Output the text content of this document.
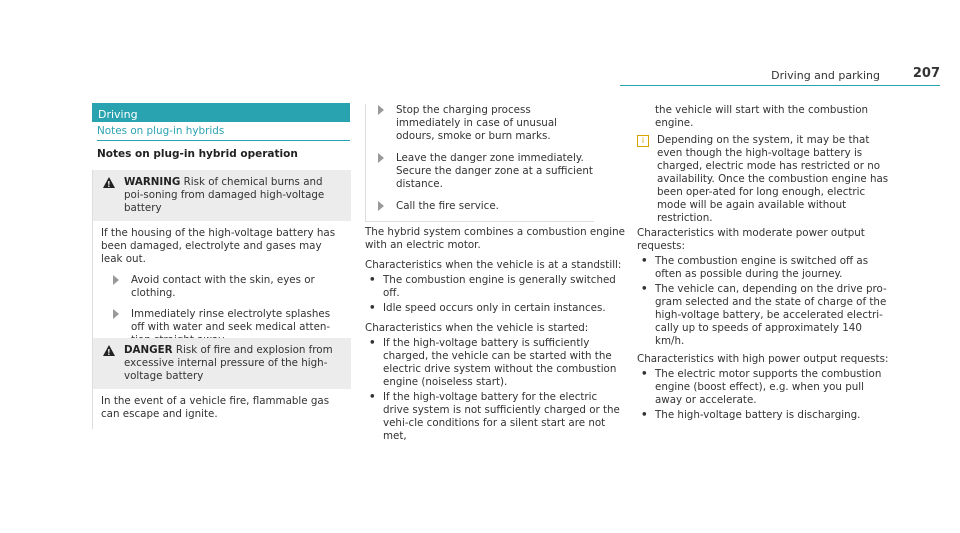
Driving and parking	207
Driving
Notes on plug-in hybrids
Notes on plug-in hybrid operation
!

WARNING Risk of chemical burns and poi-soning from damaged high-voltage battery

If the housing of the high-voltage battery has been damaged, electrolyte and gases may leak out.

Avoid contact with the skin, eyes or clothing.

Immediately rinse electrolyte splashes off with water and seek medical atten-

!

DANGER Risk of fire and explosion from excessive internal pressure of the high-voltage battery

In the event of a vehicle fire, flammable gas can escape and ignite.

Stop the charging process immediately in case of unusual odours, smoke or burn marks.

Leave the danger zone immediately. Secure the danger zone at a sufficient distance.

Call the fire service.

The hybrid system combines a combustion engine with an electric motor.

Characteristics when the vehicle is at a standstill:

• The combustion engine is generally switched off.

• Idle speed occurs only in certain instances.

Characteristics when the vehicle is started:

• If the high-voltage battery is sufficiently charged, the vehicle can be started with the electric drive system without the combustion engine (noiseless start).

• If the high-voltage battery for the electric drive system is not sufficiently charged or the vehi-cle conditions for a silent start are not met,

the vehicle will start with the combustion engine.

i	Depending on the system, it may be that even though the high-voltage battery is charged, electric mode has restricted or no availability. Once the combustion engine has been oper-ated for long enough, electric mode will be again available without restriction.

Characteristics with moderate power output requests:

• The combustion engine is switched off as often as possible during the journey.

• The vehicle can, depending on the drive pro-gram selected and the state of charge of the high-voltage battery, be accelerated electri-cally up to speeds of approximately 140 km/h.

Characteristics with high power output requests:

• The electric motor supports the combustion engine (boost effect), e.g. when you pull away or accelerate.

• The high-voltage battery is discharging.
